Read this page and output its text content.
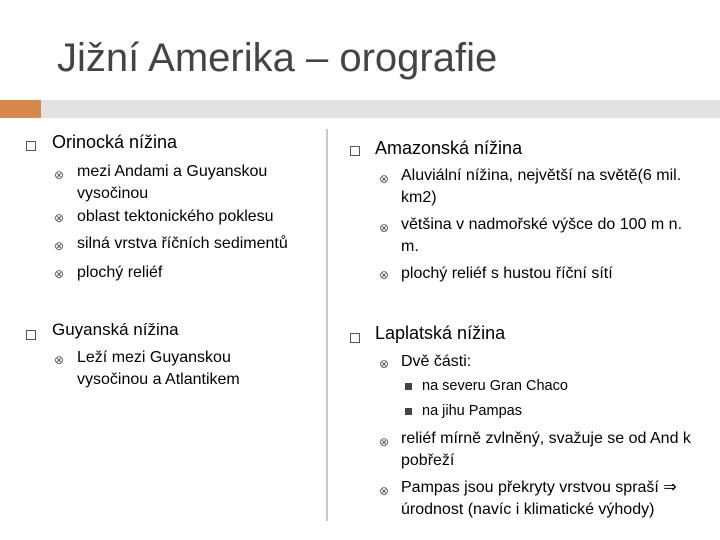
Jižní Amerika – orografie
Orinocká nížina
⊗ mezi Andami a Guyanskou vysočinou
⊗ oblast tektonického poklesu
⊗ silná vrstva říčních sedimentů
⊗ plochý reliéf
Guyanská nížina
⊗ Leží mezi Guyanskou vysočinou a Atlantikem
Amazonská nížina
⊗ Aluviální nížina, největší na světě(6 mil. km2)
⊗ většina v nadmořské výšce do 100 m n. m.
⊗ plochý reliéf s hustou říční sítí
Laplatská nížina
⊗ Dvě části:
na severu Gran Chaco
na jihu Pampas
⊗ reliéf mírně zvlněný, svažuje se od And k pobřeží
⊗ Pampas jsou překryty vrstvou spraší ⇒ úrodnost (navíc i klimatické výhody)
